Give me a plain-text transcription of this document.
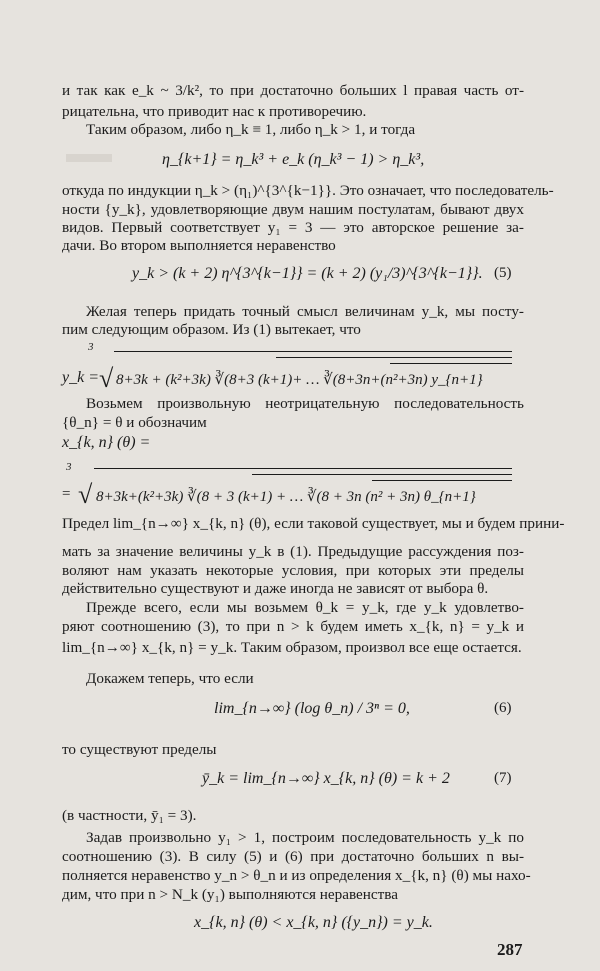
и так как e_k ~ 3/k², то при достаточно больших l правая часть от-
рицательна, что приводит нас к противоречию.
Таким образом, либо η_k ≡ 1, либо η_k > 1, и тогда
η_{k+1} = η_k³ + e_k (η_k³ − 1) > η_k³,
откуда по индукции η_k > (η₁)^{3^{k−1}}. Это означает, что последователь-
ности {y_k}, удовлетворяющие двум нашим постулатам, бывают двух
видов. Первый соответствует y₁ = 3 — это авторское решение за-
дачи. Во втором выполняется неравенство
y_k > (k + 2) η^{3^{k−1}} = (k + 2) (y₁/3)^{3^{k−1}}. (5)
Желая теперь придать точный смысл величинам y_k, мы посту-
пим следующим образом. Из (1) вытекает, что
y_k =
3
√ 8+3k + (k²+3k) ∛(8+3 (k+1)+ … ∛(8+3n+(n²+3n) y_{n+1}
Возьмем произвольную неотрицательную последовательность
{θ_n} = θ и обозначим
x_{k, n} (θ) =
=
3
√ 8+3k+(k²+3k) ∛(8 + 3 (k+1) + … ∛(8 + 3n (n² + 3n) θ_{n+1}
Предел lim_{n→∞} x_{k, n} (θ), если таковой существует, мы и будем прини-
мать за значение величины y_k в (1). Предыдущие рассуждения поз-
воляют нам указать некоторые условия, при которых эти пределы
действительно существуют и даже иногда не зависят от выбора θ.
Прежде всего, если мы возьмем θ_k = y_k, где y_k удовлетво-
ряют соотношению (3), то при n > k будем иметь x_{k, n} = y_k и
lim_{n→∞} x_{k, n} = y_k. Таким образом, произвол все еще остается.
Докажем теперь, что если
lim_{n→∞} (log θ_n) / 3ⁿ = 0,	(6)
то существуют пределы
ȳ_k = lim_{n→∞} x_{k, n} (θ) = k + 2	(7)
(в частности, ȳ₁ = 3).
Задав произвольно y₁ > 1, построим последовательность y_k по
соотношению (3). В силу (5) и (6) при достаточно больших n вы-
полняется неравенство y_n > θ_n и из определения x_{k, n} (θ) мы нахо-
дим, что при n > N_k (y₁) выполняются неравенства
x_{k, n} (θ) < x_{k, n} ({y_n}) = y_k.
287
